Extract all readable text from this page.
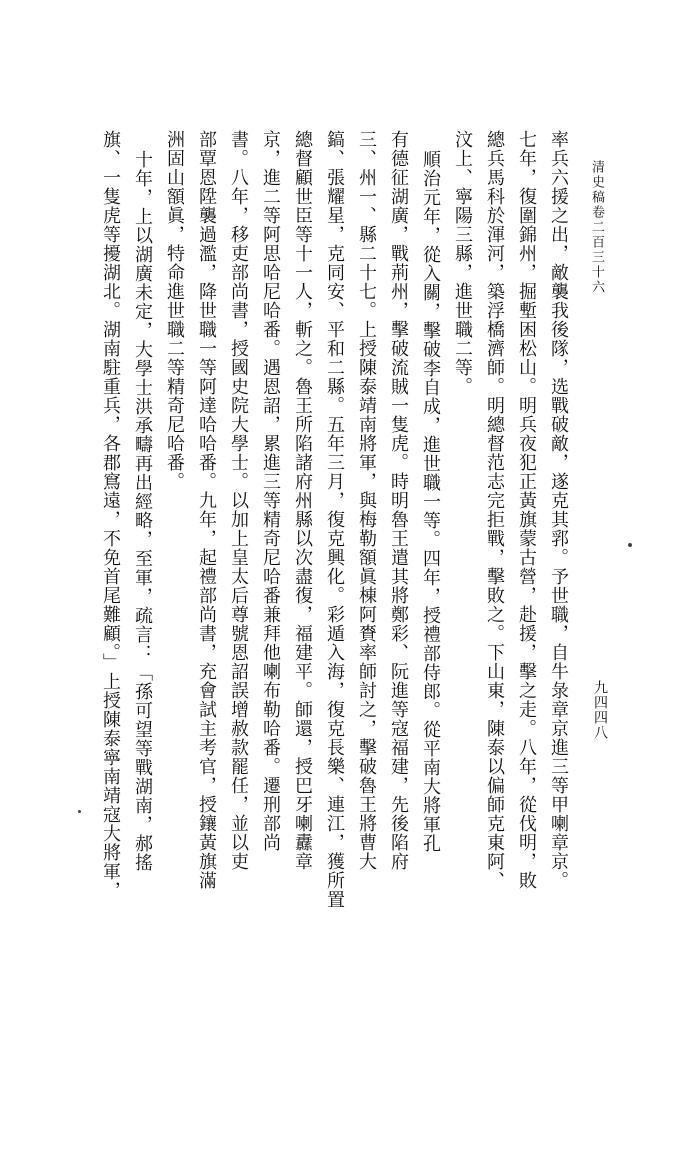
清史稿卷二百三十六
九四四八
率兵六援之出，敵襲我後隊，选戰破敵，遂克其郛。予世職，自牛彔章京進三等甲喇章京。
七年，復圍錦州，掘塹困松山。明兵夜犯正黃旗蒙古營，赴援，擊之走。八年，從伐明，敗
總兵馬科於渾河，築浮橋濟師。明總督范志完拒戰，擊敗之。下山東，陳泰以偏師克東阿、
汶上、寧陽三縣，進世職二等。
順治元年，從入關，擊破李自成，進世職一等。四年，授禮部侍郎。從平南大將軍孔
有德征湖廣，戰荊州，擊破流賊一隻虎。時明魯王遣其將鄭彩、阮進等寇福建，先後陷府
三、州一、縣二十七。上授陳泰靖南將軍，與梅勒額眞棟阿賚率師討之，擊破魯王將曹大
鎬、張耀星，克同安、平和二縣。五年三月，復克興化。彩遁入海，復克長樂、連江，獲所置
總督顧世臣等十一人，斬之。魯王所陷諸府州縣以次盡復，福建平。師還，授巴牙喇纛章
京，進二等阿思哈尼哈番。遇恩詔，累進三等精奇尼哈番兼拜他喇布勒哈番。遷刑部尚
書。八年，移吏部尚書，授國史院大學士。以加上皇太后尊號恩詔誤增赦款罷任，並以吏
部覃恩陞襲過濫，降世職一等阿達哈哈番。九年，起禮部尚書，充會試主考官，授鑲黃旗滿
洲固山額眞，特命進世職二等精奇尼哈番。
十年，上以湖廣未定，大學士洪承疇再出經略，至軍，疏言：「孫可望等戰湖南，郝搖
旗、一隻虎等擾湖北。湖南駐重兵，各郡窵遠，不免首尾難顧。」上授陳泰寧南靖寇大將軍，
